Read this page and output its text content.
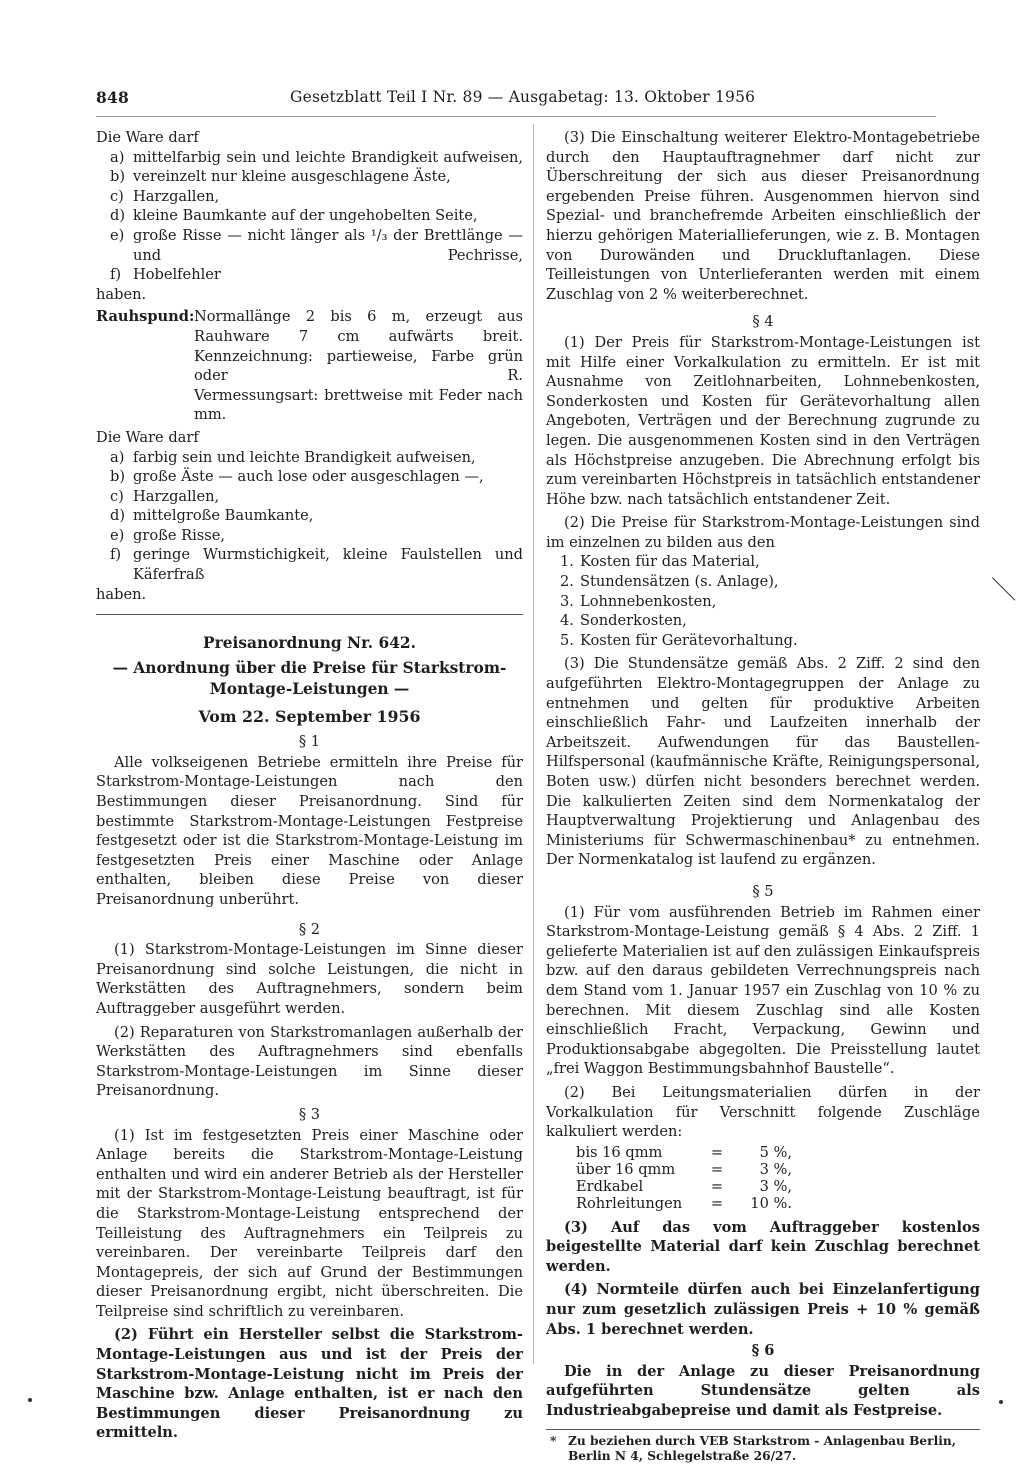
848	Gesetzblatt Teil I Nr. 89 — Ausgabetag: 13. Oktober 1956

Die Ware darf

a) mittelfarbig sein und leichte Brandigkeit aufweisen,
b) vereinzelt nur kleine ausgeschlagene Äste,
c) Harzgallen,
d) kleine Baumkante auf der ungehobelten Seite,
e) große Risse — nicht länger als ¹/₃ der Brettlänge — und Pechrisse,
f) Hobelfehler

haben.

Rauhspund: Normallänge 2 bis 6 m, erzeugt aus Rauhware 7 cm aufwärts breit.

Kennzeichnung: partieweise, Farbe grün oder R.

Vermessungsart: brettweise mit Feder nach mm.

Die Ware darf

a) farbig sein und leichte Brandigkeit aufweisen,
b) große Äste — auch lose oder ausgeschlagen —,
c) Harzgallen,
d) mittelgroße Baumkante,
e) große Risse,
f) geringe Wurmstichigkeit, kleine Faulstellen und Käferfraß

haben.

Preisanordnung Nr. 642.
— Anordnung über die Preise für Starkstrom-
Montage-Leistungen —
Vom 22. September 1956
§ 1

Alle volkseigenen Betriebe ermitteln ihre Preise für Starkstrom-Montage-Leistungen nach den Bestimmungen dieser Preisanordnung. Sind für bestimmte Starkstrom-Montage-Leistungen Festpreise festgesetzt oder ist die Starkstrom-Montage-Leistung im festgesetzten Preis einer Maschine oder Anlage enthalten, bleiben diese Preise von dieser Preisanordnung unberührt.

§ 2

(1) Starkstrom-Montage-Leistungen im Sinne dieser Preisanordnung sind solche Leistungen, die nicht in Werkstätten des Auftragnehmers, sondern beim Auftraggeber ausgeführt werden.

(2) Reparaturen von Starkstromanlagen außerhalb der Werkstätten des Auftragnehmers sind ebenfalls Starkstrom-Montage-Leistungen im Sinne dieser Preisanordnung.

§ 3

(1) Ist im festgesetzten Preis einer Maschine oder Anlage bereits die Starkstrom-Montage-Leistung enthalten und wird ein anderer Betrieb als der Hersteller mit der Starkstrom-Montage-Leistung beauftragt, ist für die Starkstrom-Montage-Leistung entsprechend der Teilleistung des Auftragnehmers ein Teilpreis zu vereinbaren. Der vereinbarte Teilpreis darf den Montagepreis, der sich auf Grund der Bestimmungen dieser Preisanordnung ergibt, nicht überschreiten. Die Teilpreise sind schriftlich zu vereinbaren.

(2) Führt ein Hersteller selbst die Starkstrom-Montage-Leistungen aus und ist der Preis der Starkstrom-Montage-Leistung nicht im Preis der Maschine bzw. Anlage enthalten, ist er nach den Bestimmungen dieser Preisanordnung zu ermitteln.

(3) Die Einschaltung weiterer Elektro-Montagebetriebe durch den Hauptauftragnehmer darf nicht zur Überschreitung der sich aus dieser Preisanordnung ergebenden Preise führen. Ausgenommen hiervon sind Spezial- und branchefremde Arbeiten einschließlich der hierzu gehörigen Materiallieferungen, wie z. B. Montagen von Durowänden und Druckluftanlagen. Diese Teilleistungen von Unterlieferanten werden mit einem Zuschlag von 2 % weiterberechnet.

§ 4

(1) Der Preis für Starkstrom-Montage-Leistungen ist mit Hilfe einer Vorkalkulation zu ermitteln. Er ist mit Ausnahme von Zeitlohnarbeiten, Lohnnebenkosten, Sonderkosten und Kosten für Gerätevorhaltung allen Angeboten, Verträgen und der Berechnung zugrunde zu legen. Die ausgenommenen Kosten sind in den Verträgen als Höchstpreise anzugeben. Die Abrechnung erfolgt bis zum vereinbarten Höchstpreis in tatsächlich entstandener Höhe bzw. nach tatsächlich entstandener Zeit.

(2) Die Preise für Starkstrom-Montage-Leistungen sind im einzelnen zu bilden aus den

1. Kosten für das Material,
2. Stundensätzen (s. Anlage),
3. Lohnnebenkosten,
4. Sonderkosten,
5. Kosten für Gerätevorhaltung.

(3) Die Stundensätze gemäß Abs. 2 Ziff. 2 sind den aufgeführten Elektro-Montagegruppen der Anlage zu entnehmen und gelten für produktive Arbeiten einschließlich Fahr- und Laufzeiten innerhalb der Arbeitszeit. Aufwendungen für das Baustellen-Hilfspersonal (kaufmännische Kräfte, Reinigungspersonal, Boten usw.) dürfen nicht besonders berechnet werden. Die kalkulierten Zeiten sind dem Normenkatalog der Hauptverwaltung Projektierung und Anlagenbau des Ministeriums für Schwermaschinenbau* zu entnehmen. Der Normenkatalog ist laufend zu ergänzen.

§ 5

(1) Für vom ausführenden Betrieb im Rahmen einer Starkstrom-Montage-Leistung gemäß § 4 Abs. 2 Ziff. 1 gelieferte Materialien ist auf den zulässigen Einkaufspreis bzw. auf den daraus gebildeten Verrechnungspreis nach dem Stand vom 1. Januar 1957 ein Zuschlag von 10 % zu berechnen. Mit diesem Zuschlag sind alle Kosten einschließlich Fracht, Verpackung, Gewinn und Produktionsabgabe abgegolten. Die Preisstellung lautet „frei Waggon Bestimmungsbahnhof Baustelle“.

(2) Bei Leitungsmaterialien dürfen in der Vorkalkulation für Verschnitt folgende Zuschläge kalkuliert werden:

bis 16 qmm	=	5 %,
über 16 qmm	=	3 %,
Erdkabel	=	3 %,
Rohrleitungen	=	10 %.

(3) Auf das vom Auftraggeber kostenlos beigestellte Material darf kein Zuschlag berechnet werden.

(4) Normteile dürfen auch bei Einzelanfertigung nur zum gesetzlich zulässigen Preis + 10 % gemäß Abs. 1 berechnet werden.

§ 6

Die in der Anlage zu dieser Preisanordnung aufgeführten Stundensätze gelten als Industrieabgabepreise und damit als Festpreise.

* Zu beziehen durch VEB Starkstrom - Anlagenbau Berlin, Berlin N 4, Schlegelstraße 26/27.
